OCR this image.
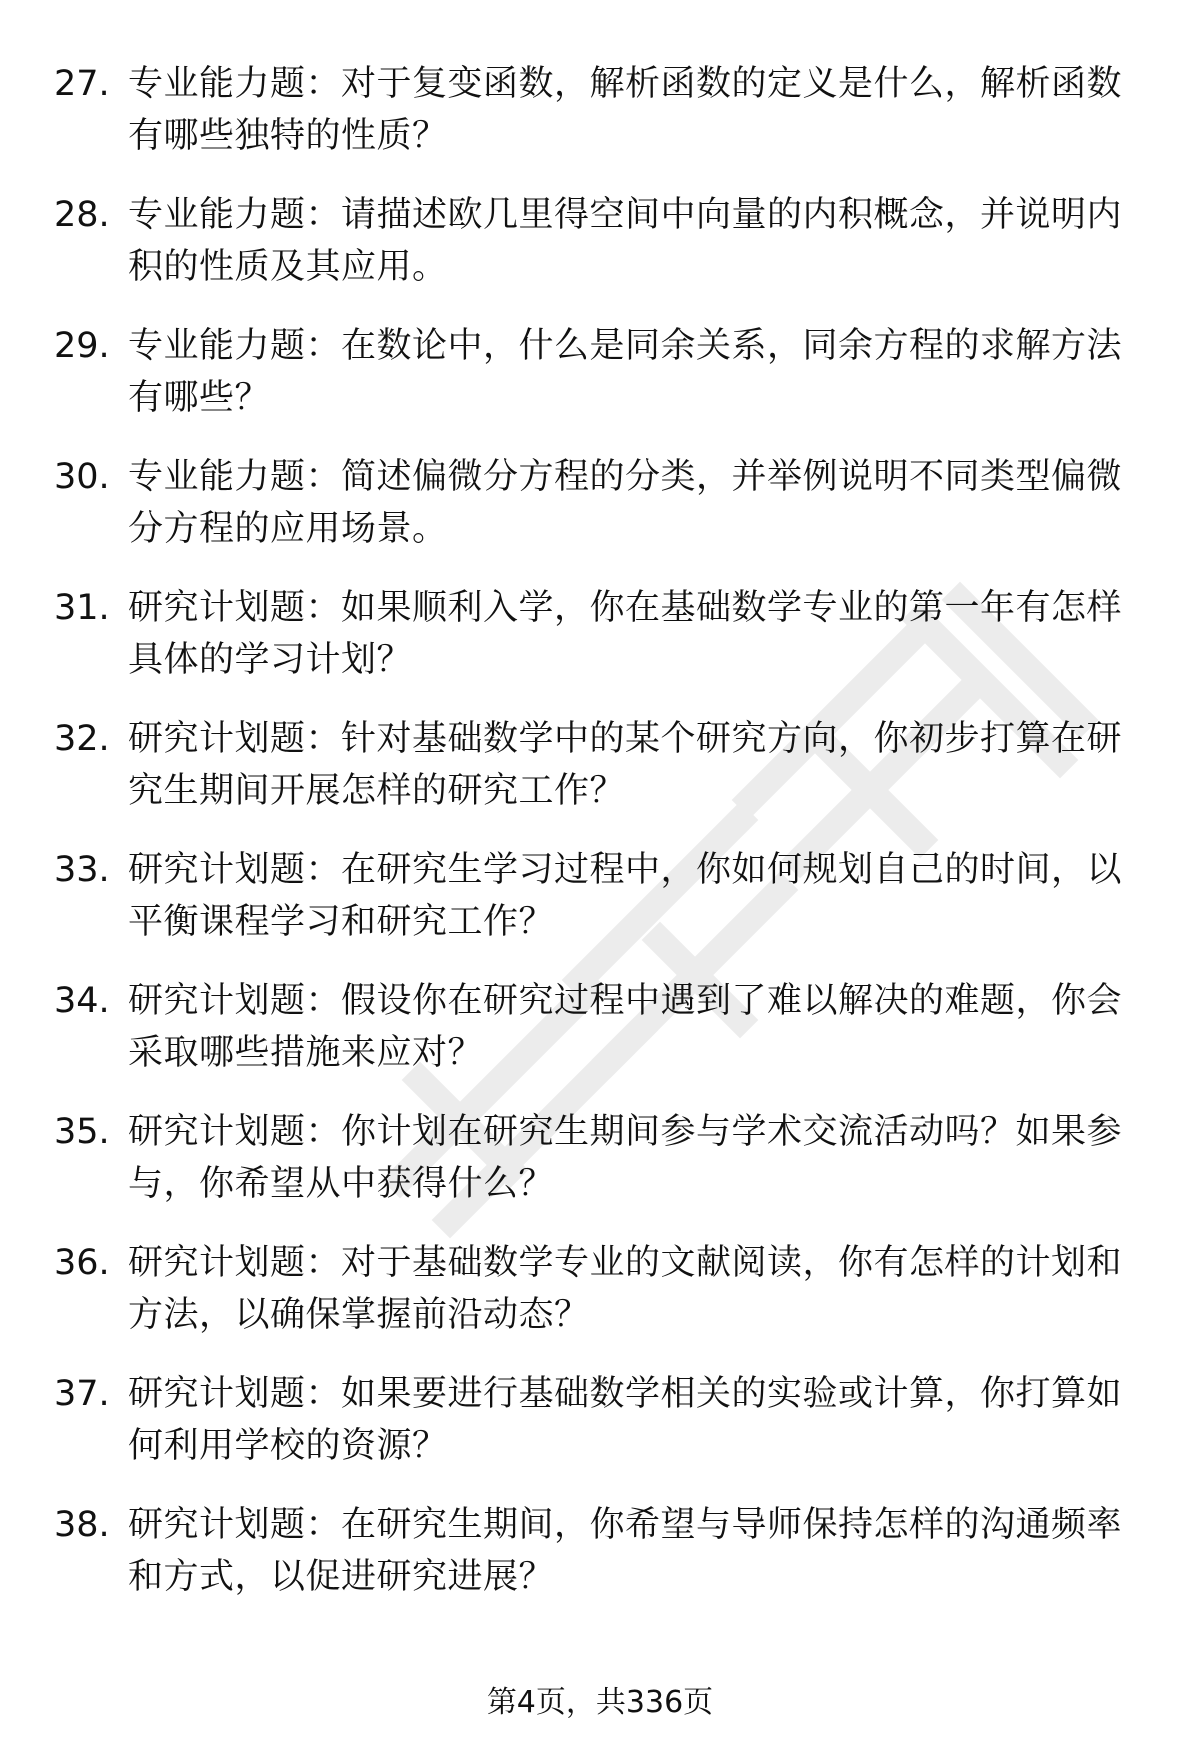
27. 专业能力题：对于复变函数，解析函数的定义是什么，解析函数
有哪些独特的性质？
28. 专业能力题：请描述欧几里得空间中向量的内积概念，并说明内
积的性质及其应用。
29. 专业能力题：在数论中，什么是同余关系，同余方程的求解方法
有哪些？
30. 专业能力题：简述偏微分方程的分类，并举例说明不同类型偏微
分方程的应用场景。
31. 研究计划题：如果顺利入学，你在基础数学专业的第一年有怎样
具体的学习计划？
32. 研究计划题：针对基础数学中的某个研究方向，你初步打算在研
究生期间开展怎样的研究工作？
33. 研究计划题：在研究生学习过程中，你如何规划自己的时间，以
平衡课程学习和研究工作？
34. 研究计划题：假设你在研究过程中遇到了难以解决的难题，你会
采取哪些措施来应对？
35. 研究计划题：你计划在研究生期间参与学术交流活动吗？如果参
与，你希望从中获得什么？
36. 研究计划题：对于基础数学专业的文献阅读，你有怎样的计划和
方法，以确保掌握前沿动态？
37. 研究计划题：如果要进行基础数学相关的实验或计算，你打算如
何利用学校的资源？
38. 研究计划题：在研究生期间，你希望与导师保持怎样的沟通频率
和方式，以促进研究进展？
第4页，共336页
